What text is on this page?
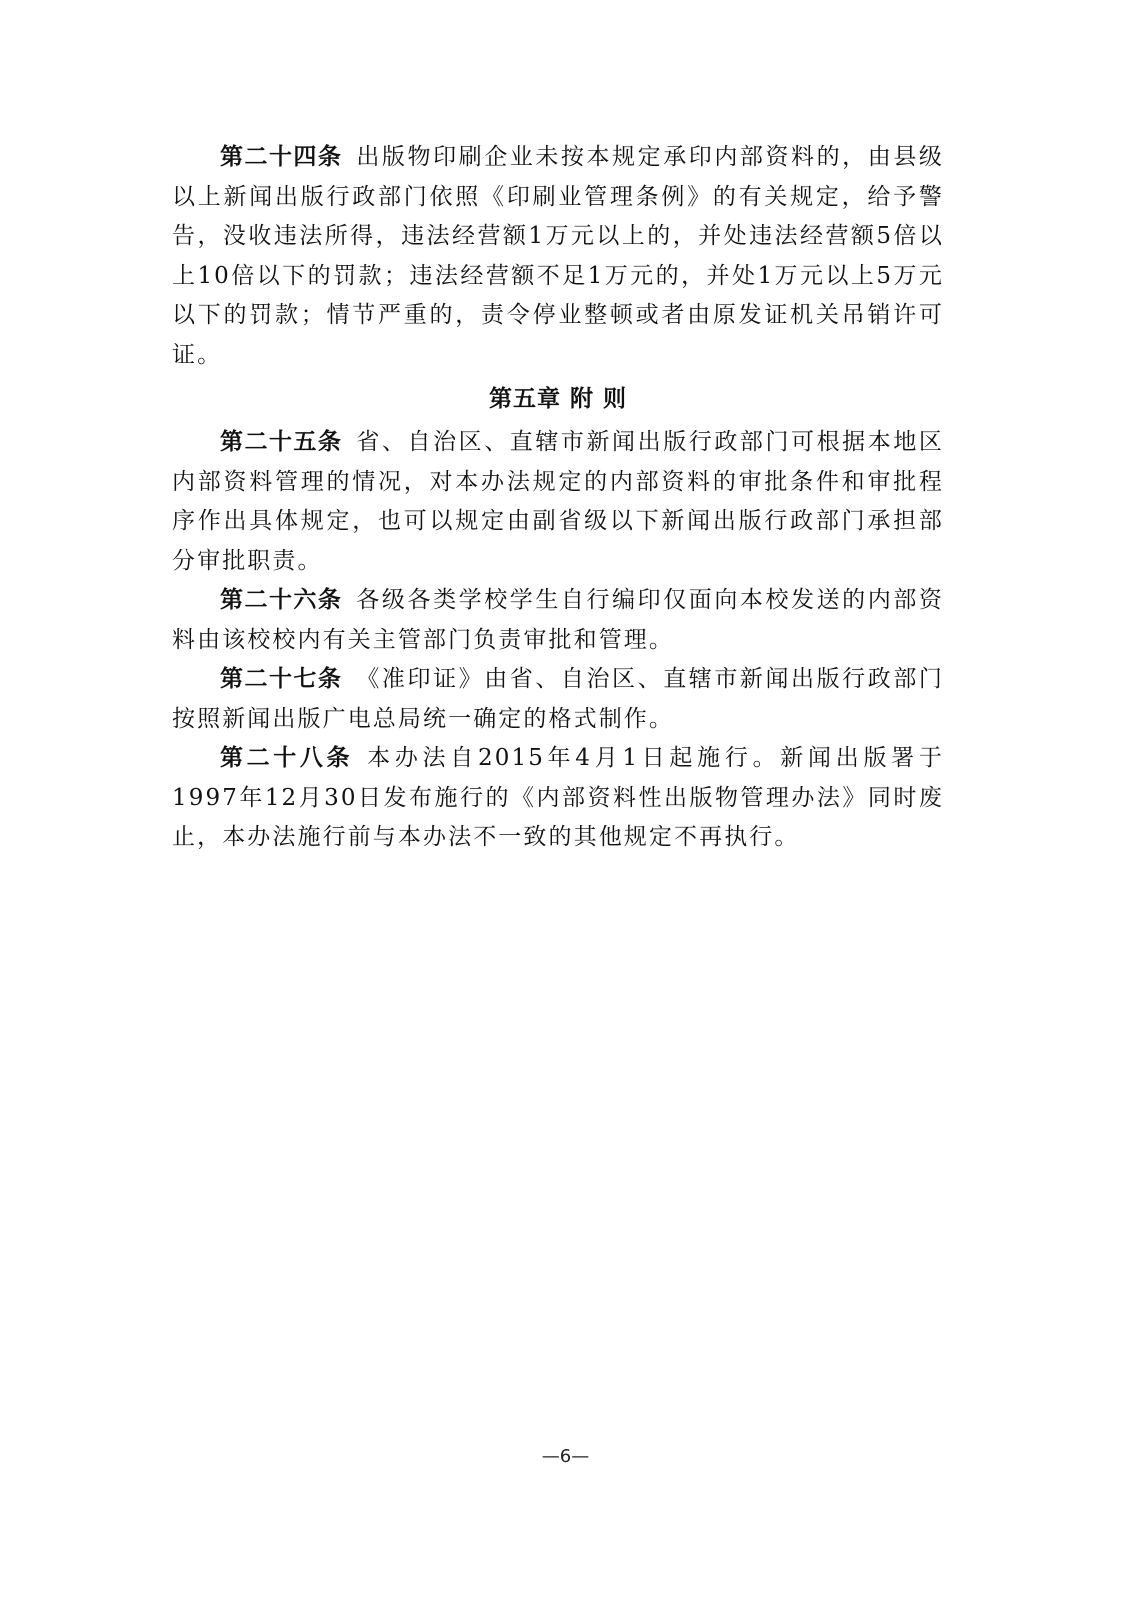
第二十四条 出版物印刷企业未按本规定承印内部资料的，由县级以上新闻出版行政部门依照《印刷业管理条例》的有关规定，给予警告，没收违法所得，违法经营额1万元以上的，并处违法经营额5倍以上10倍以下的罚款；违法经营额不足1万元的，并处1万元以上5万元以下的罚款；情节严重的，责令停业整顿或者由原发证机关吊销许可证。

第五章 附 则

第二十五条 省、自治区、直辖市新闻出版行政部门可根据本地区内部资料管理的情况，对本办法规定的内部资料的审批条件和审批程序作出具体规定，也可以规定由副省级以下新闻出版行政部门承担部分审批职责。

第二十六条 各级各类学校学生自行编印仅面向本校发送的内部资料由该校校内有关主管部门负责审批和管理。

第二十七条 《准印证》由省、自治区、直辖市新闻出版行政部门按照新闻出版广电总局统一确定的格式制作。

第二十八条 本办法自2015年4月1日起施行。新闻出版署于1997年12月30日发布施行的《内部资料性出版物管理办法》同时废止，本办法施行前与本办法不一致的其他规定不再执行。

—6—
